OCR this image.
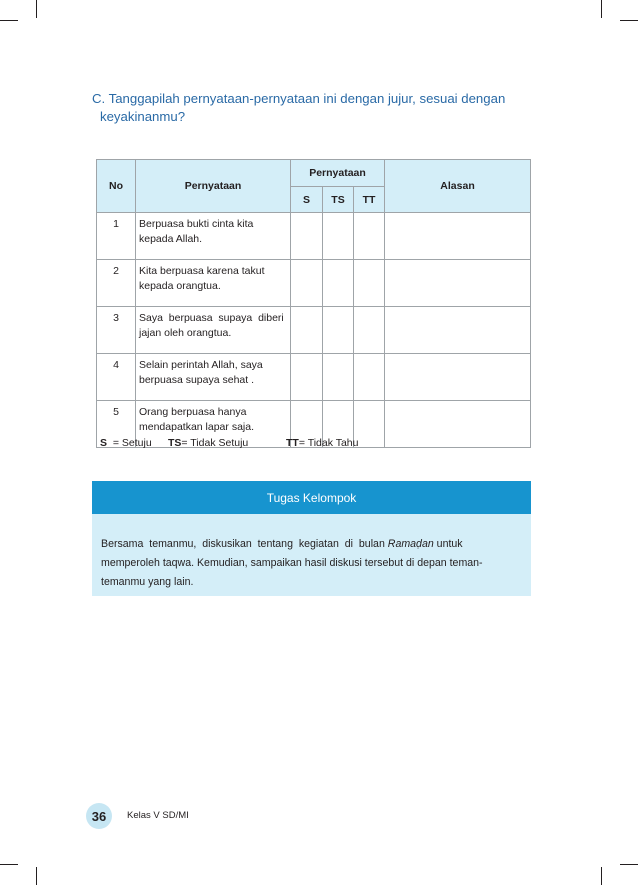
C. Tanggapilah pernyataan-pernyataan ini dengan jujur, sesuai dengan
keyakinanmu?
No	Pernyataan	Pernyataan			Alasan
		S	TS	TT	
1	Berpuasa bukti cinta kita
kepada Allah.				
2	Kita berpuasa karena takut
kepada orangtua.				
3	Saya  berpuasa  supaya  diberi
jajan oleh orangtua.				
4	Selain perintah Allah, saya
berpuasa supaya sehat .				
5	Orang berpuasa hanya
mendapatkan lapar saja.				
S = Setuju TS= Tidak Setuju	TT= Tidak Tahu
Tugas Kelompok
Bersama  temanmu,  diskusikan  tentang  kegiatan  di  bulan Ramaḍan untuk
memperoleh taqwa. Kemudian, sampaikan hasil diskusi tersebut di depan teman-
temanmu yang lain.
36	Kelas V SD/MI
